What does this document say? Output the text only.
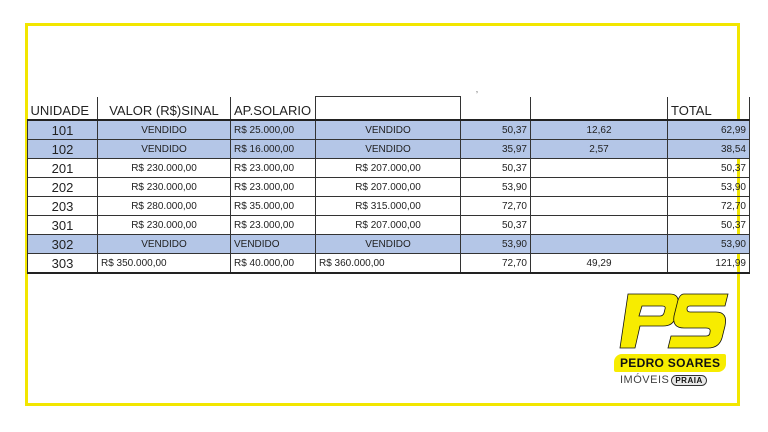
UNIDADE	VALOR (R$)SINAL	AP.SOLARIO				TOTAL
101	VENDIDO	R$ 25.000,00	VENDIDO	50,37	12,62	62,99
102	VENDIDO	R$ 16.000,00	VENDIDO	35,97	2,57	38,54
201	R$ 230.000,00	R$ 23.000,00	R$ 207.000,00	50,37		50,37
202	R$ 230.000,00	R$ 23.000,00	R$ 207.000,00	53,90		53,90
203	R$ 280.000,00	R$ 35.000,00	R$ 315.000,00	72,70		72,70
301	R$ 230.000,00	R$ 23.000,00	R$ 207.000,00	50,37		50,37
302	VENDIDO	VENDIDO	VENDIDO	53,90		53,90
303	R$ 350.000,00	R$ 40.000,00	R$ 360.000,00	72,70	49,29	121,99
ʼ
PEDRO SOARES
IMÓVEIS PRAIA
